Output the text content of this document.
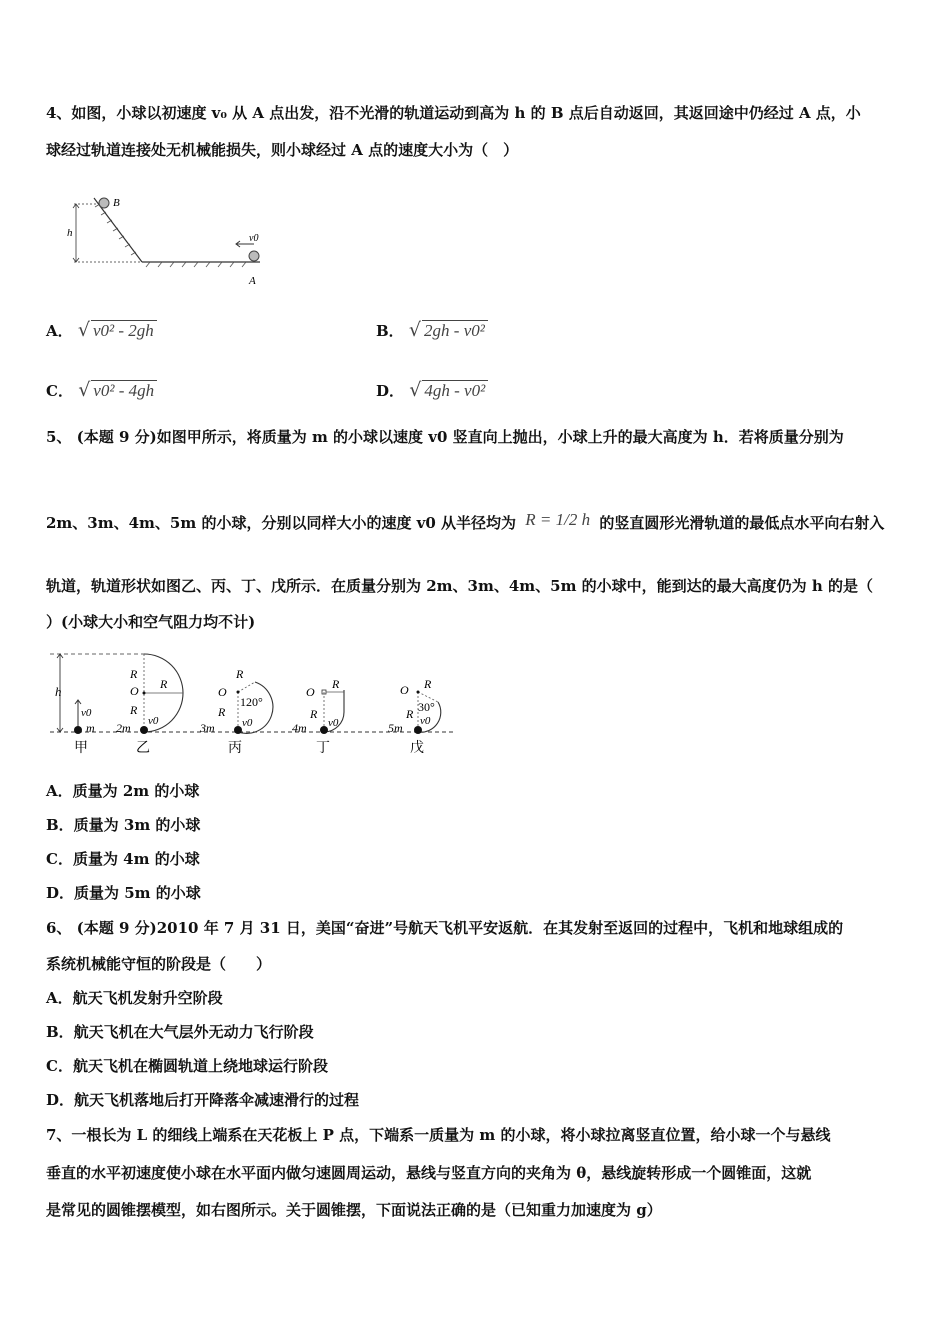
4、如图，小球以初速度 v₀ 从 A 点出发，沿不光滑的轨道运动到高为 h 的 B 点后自动返回，其返回途中仍经过 A 点，小
球经过轨道连接处无机械能损失，则小球经过 A 点的速度大小为（　）
B
h	v0
A
A． √ v0² - 2gh	B． √ 2gh - v0²
C． √ v0² - 4gh	D． √ 4gh - v0²
5、 (本题 9 分)如图甲所示，将质量为 m 的小球以速度 v0 竖直向上抛出，小球上升的最大高度为 h．若将质量分别为
2m、3m、4m、5m 的小球，分别以同样大小的速度 v0 从半径均为 R = 1/2 h 的竖直圆形光滑轨道的最低点水平向右射入
轨道，轨道形状如图乙、丙、丁、戊所示．在质量分别为 2m、3m、4m、5m 的小球中，能到达的最大高度仍为 h 的是（
）(小球大小和空气阻力均不计)
h
v0
m
甲
R
O
R
R
v0
2m
乙
R
O
120°
R
v0
3m
丙
O
R
R
v0
4m
丁
O R
30°
R v0
5m
戊
A．质量为 2m 的小球
B．质量为 3m 的小球
C．质量为 4m 的小球
D．质量为 5m 的小球
6、 (本题 9 分)2010 年 7 月 31 日，美国“奋进”号航天飞机平安返航．在其发射至返回的过程中，飞机和地球组成的
系统机械能守恒的阶段是（　　）
A．航天飞机发射升空阶段
B．航天飞机在大气层外无动力飞行阶段
C．航天飞机在椭圆轨道上绕地球运行阶段
D．航天飞机落地后打开降落伞减速滑行的过程
7、一根长为 L 的细线上端系在天花板上 P 点，下端系一质量为 m 的小球，将小球拉离竖直位置，给小球一个与悬线
垂直的水平初速度使小球在水平面内做匀速圆周运动，悬线与竖直方向的夹角为 θ，悬线旋转形成一个圆锥面，这就
是常见的圆锥摆模型，如右图所示。关于圆锥摆，下面说法正确的是（已知重力加速度为 g）
